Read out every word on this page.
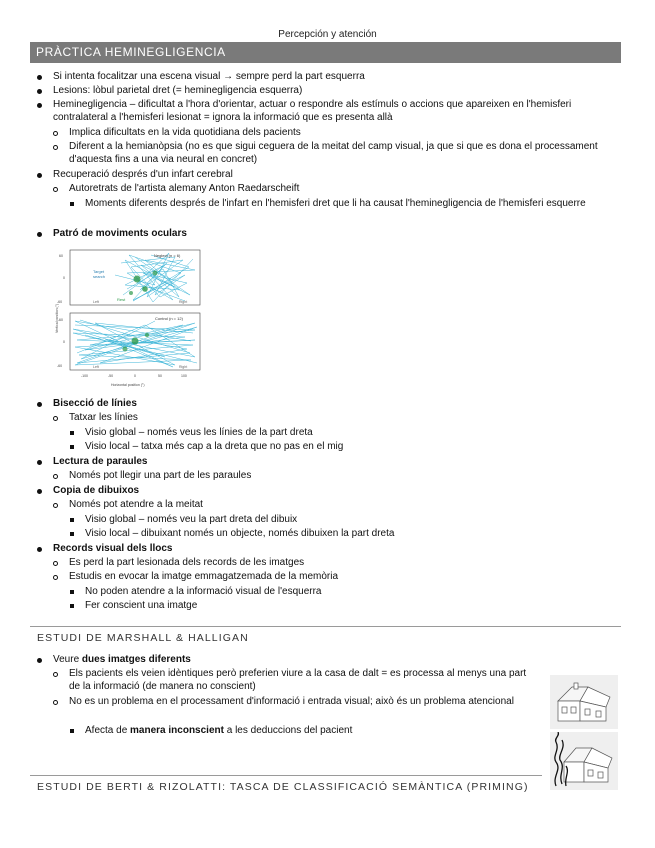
Percepción y atención
PRÀCTICA HEMINEGLIGENCIA
Si intenta focalitzar una escena visual → sempre perd la part esquerra
Lesions: lòbul parietal dret (= heminegligencia esquerra)
Heminegligencia – dificultat a l'hora d'orientar, actuar o respondre als estímuls o accions que apareixen en l'hemisferi contralateral a l'hemisferi lesionat = ignora la informació que es presenta allà
Implica dificultats en la vida quotidiana dels pacients
Diferent a la hemianòpsia (no es que sigui ceguera de la meitat del camp visual, ja que si que es dona el processament d'aquesta fins a una via neural en concret)
Recuperació després d'un infart cerebral
Autoretrats de l'artista alemany Anton Raedarscheift
Moments diferents després de l'infart en l'hemisferi dret que li ha causat l'heminegligencia de l'hemisferi esquerre
Patró de moviments oculars
Neglect (n = 6)
Target
search
Rest
Left	Right
Control (n = 12)
Left	Right
60
0
-60
60
0
-60
-100	-50	0	50	100
Horizontal position (°)
Vertical position (°)
Bisecció de línies
Tatxar les línies
Visio global – només veus les línies de la part dreta
Visio local – tatxa més cap a la dreta que no pas en el mig
Lectura de paraules
Només pot llegir una part de les paraules
Copia de dibuixos
Només pot atendre a la meitat
Visio global – només veu la part dreta del dibuix
Visio local – dibuixant només un objecte, només dibuixen la part dreta
Records visual dels llocs
Es perd la part lesionada dels records de les imatges
Estudis en evocar la imatge emmagatzemada de la memòria
No poden atendre a la informació visual de l'esquerra
Fer conscient una imatge
ESTUDI DE MARSHALL & HALLIGAN
Veure dues imatges diferents
Els pacients els veien idèntiques però preferien viure a la casa de dalt = es processa al menys una part de la informació (de manera no conscient)
No es un problema en el processament d'informació i entrada visual; això és un problema atencional
Afecta de manera inconscient a les deduccions del pacient
ESTUDI DE BERTI & RIZOLATTI: TASCA DE CLASSIFICACIÓ SEMÀNTICA (PRIMING)
